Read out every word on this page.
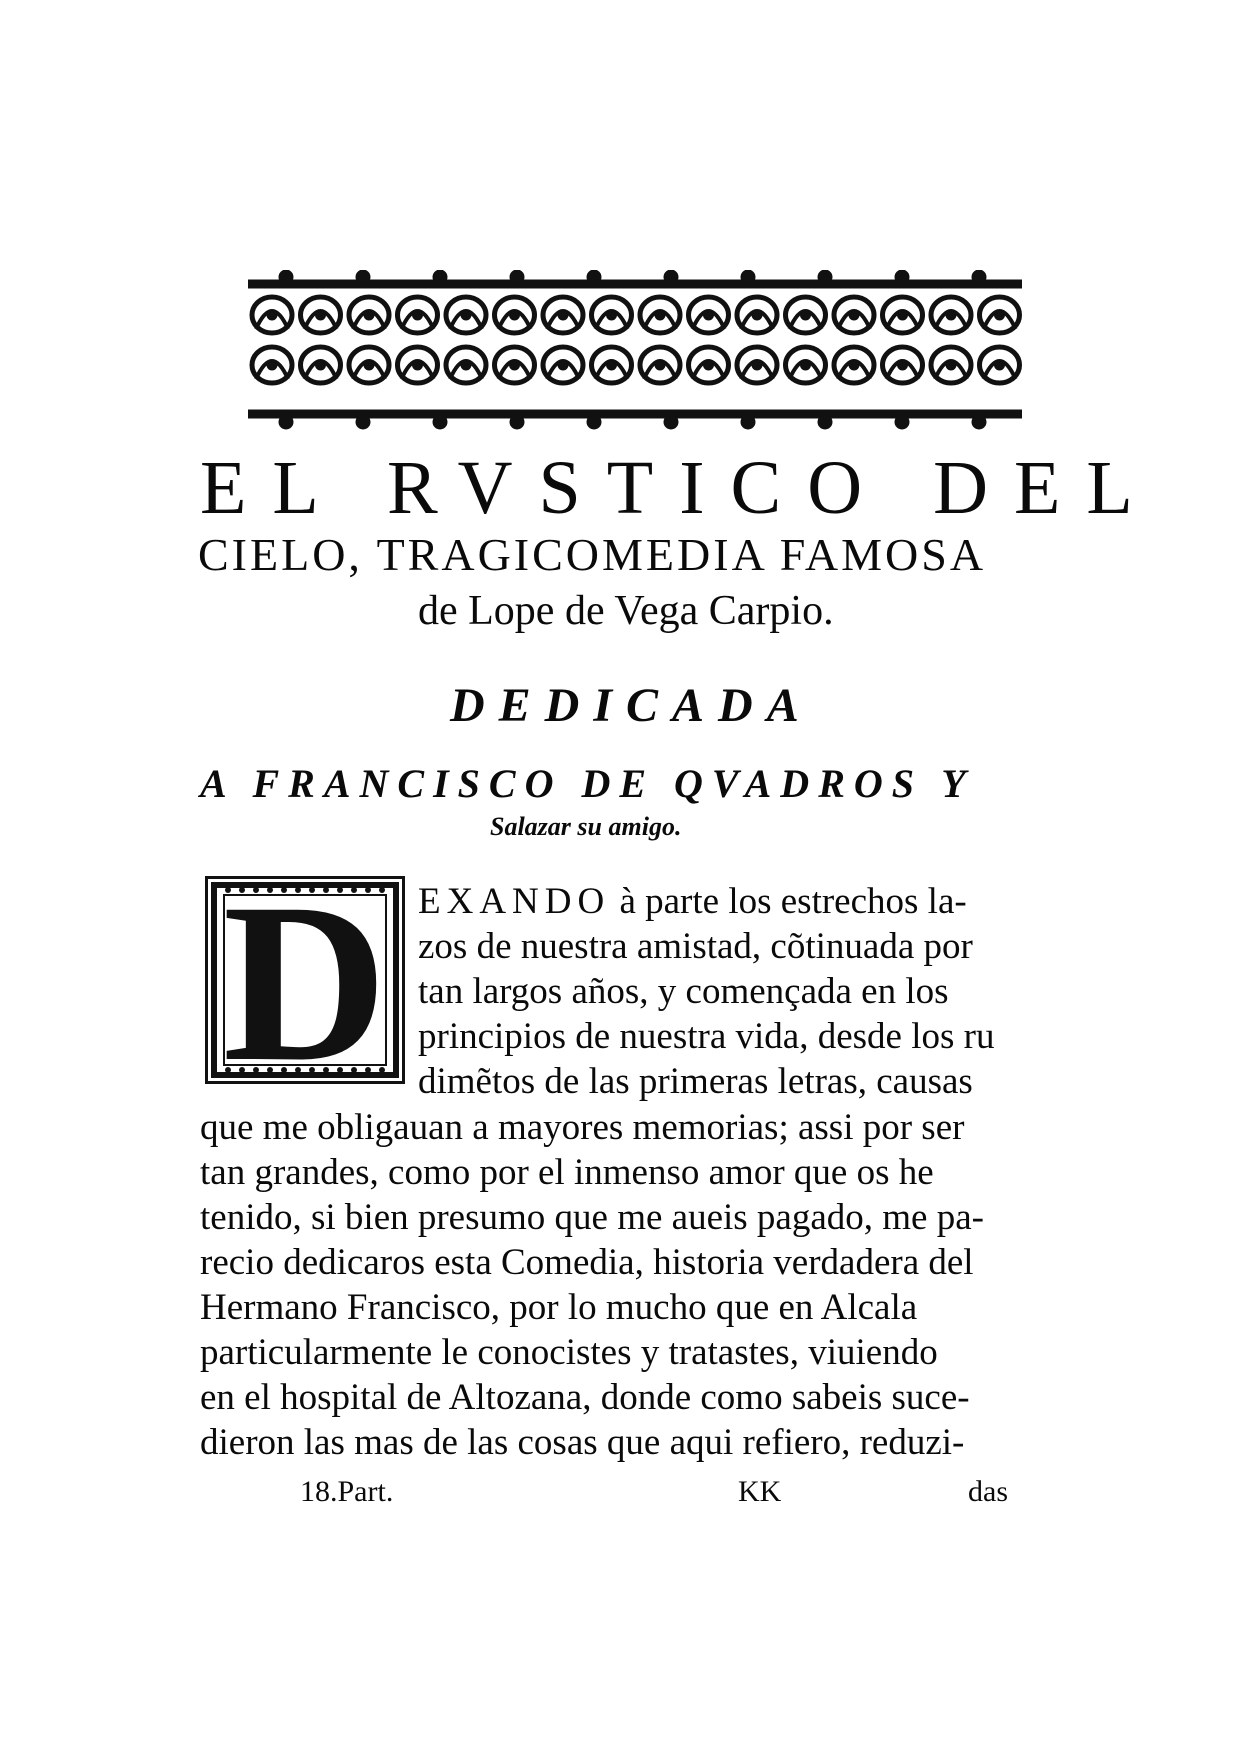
EL RVSTICO DEL
CIELO, TRAGICOMEDIA FAMOSA
de Lope de Vega Carpio.
DEDICADA
A FRANCISCO DE QVADROS Y
Salazar su amigo.
D EXANDO à parte los estrechos la-
zos de nuestra amistad, cõtinuada por
tan largos años, y començada en los
principios de nuestra vida, desde los ru
dimẽtos de las primeras letras, causas
que me obligauan a mayores memorias; assi por ser
tan grandes, como por el inmenso amor que os he
tenido, si bien presumo que me aueis pagado, me pa-
recio dedicaros esta Comedia, historia verdadera del
Hermano Francisco, por lo mucho que en Alcala
particularmente le conocistes y tratastes, viuiendo
en el hospital de Altozana, donde como sabeis suce-
dieron las mas de las cosas que aqui refiero, reduzi-
18.Part.	KK	das
